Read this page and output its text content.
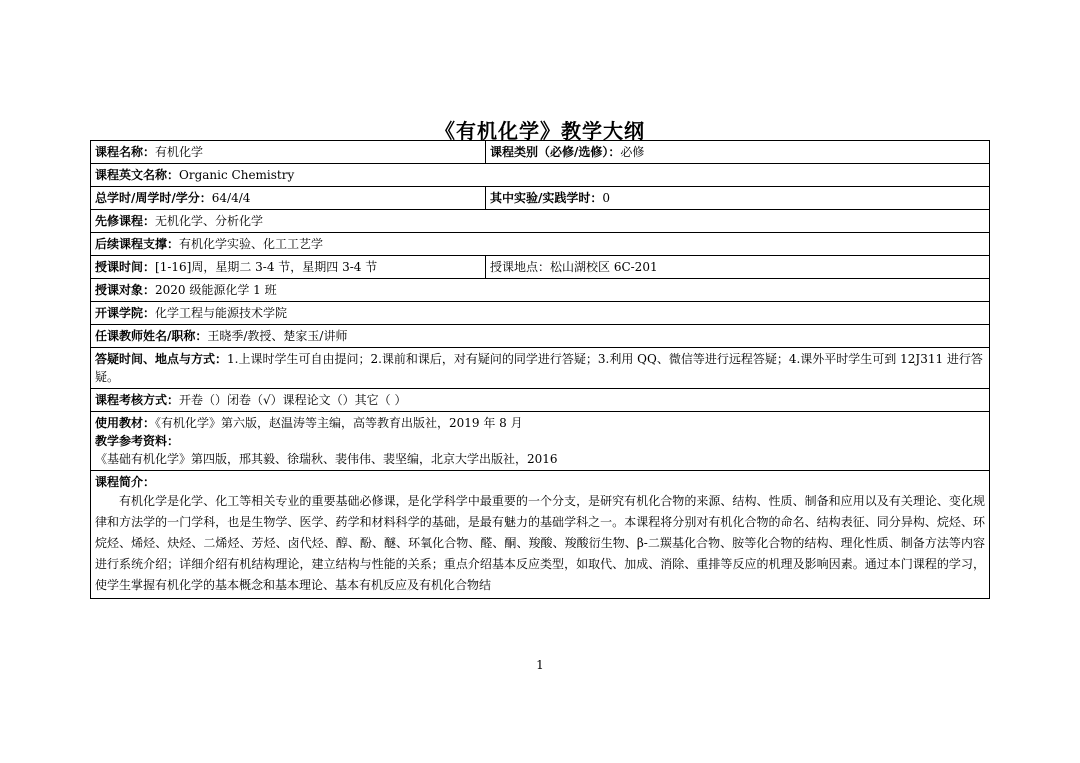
《有机化学》教学大纲
课程名称：有机化学	课程类别（必修/选修）：必修
课程英文名称：Organic Chemistry	
总学时/周学时/学分：64/4/4	其中实验/实践学时：0
先修课程：无机化学、分析化学	
后续课程支撑：有机化学实验、化工工艺学	
授课时间：[1-16]周，星期二 3-4 节，星期四 3-4 节	授课地点：松山湖校区 6C-201
授课对象：2020 级能源化学 1 班	
开课学院：化学工程与能源技术学院	
任课教师姓名/职称：王晓季/教授、楚家玉/讲师	
答疑时间、地点与方式：1.上课时学生可自由提问；2.课前和课后，对有疑问的同学进行答疑；3.利用 QQ、微信等进行远程答疑；4.课外平时学生可到 12J311 进行答疑。	
课程考核方式：开卷（）闭卷（√）课程论文（）其它（ ）	

使用教材：《有机化学》第六版，赵温涛等主编，高等教育出版社，2019 年 8 月
教学参考资料：
《基础有机化学》第四版，邢其毅、徐瑞秋、裴伟伟、裴坚编，北京大学出版社，2016	

课程简介：
有机化学是化学、化工等相关专业的重要基础必修课，是化学科学中最重要的一个分支，是研究有机化合物的来源、结构、性质、制备和应用以及有关理论、变化规律和方法学的一门学科，也是生物学、医学、药学和材料科学的基础，是最有魅力的基础学科之一。本课程将分别对有机化合物的命名、结构表征、同分异构、烷烃、环烷烃、烯烃、炔烃、二烯烃、芳烃、卤代烃、醇、酚、醚、环氧化合物、醛、酮、羧酸、羧酸衍生物、β-二羰基化合物、胺等化合物的结构、理化性质、制备方法等内容进行系统介绍；详细介绍有机结构理论，建立结构与性能的关系；重点介绍基本反应类型，如取代、加成、消除、重排等反应的机理及影响因素。通过本门课程的学习，使学生掌握有机化学的基本概念和基本理论、基本有机反应及有机化合物结	
1
